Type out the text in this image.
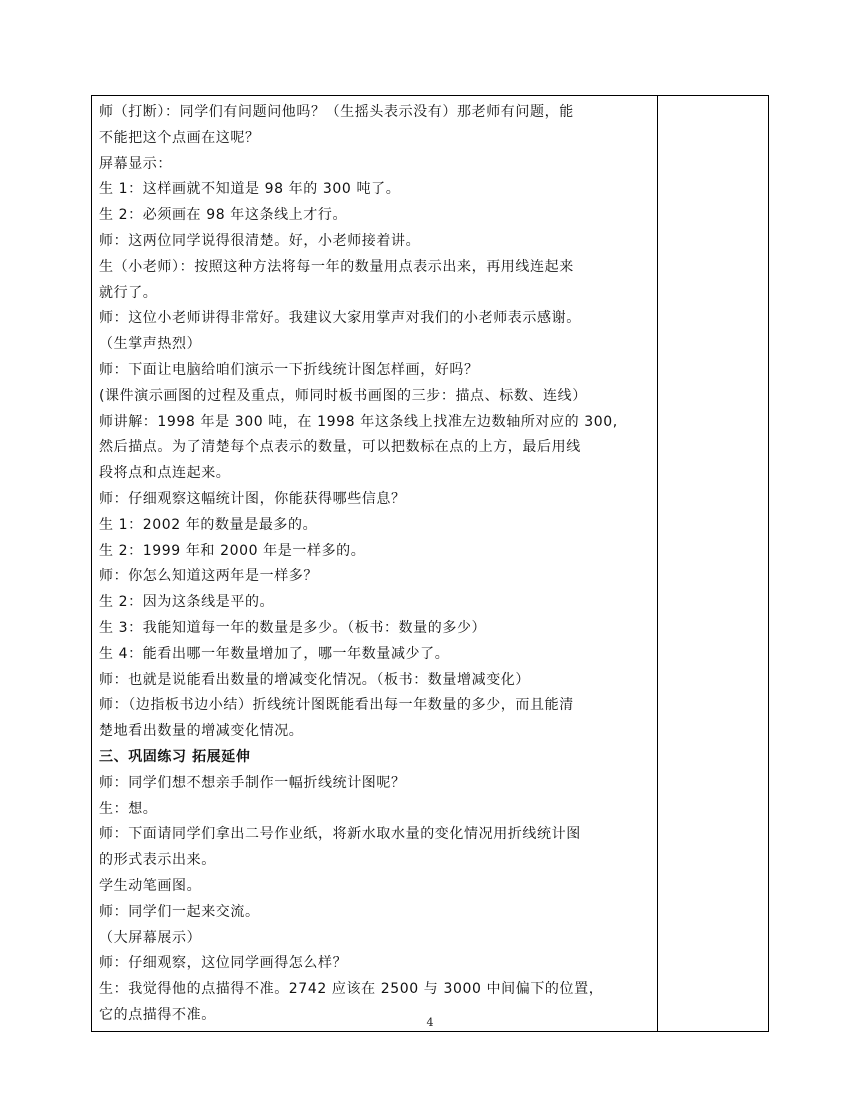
师（打断）：同学们有问题问他吗？（生摇头表示没有）那老师有问题，能
不能把这个点画在这呢？
屏幕显示：
生 1：这样画就不知道是 98 年的 300 吨了。
生 2：必须画在 98 年这条线上才行。
师：这两位同学说得很清楚。好，小老师接着讲。
生（小老师）：按照这种方法将每一年的数量用点表示出来，再用线连起来
就行了。
师：这位小老师讲得非常好。我建议大家用掌声对我们的小老师表示感谢。
（生掌声热烈）
师：下面让电脑给咱们演示一下折线统计图怎样画，好吗？
(课件演示画图的过程及重点，师同时板书画图的三步：描点、标数、连线）
师讲解：1998 年是 300 吨，在 1998 年这条线上找准左边数轴所对应的 300,
然后描点。为了清楚每个点表示的数量，可以把数标在点的上方，最后用线
段将点和点连起来。
师：仔细观察这幅统计图，你能获得哪些信息？
生 1：2002 年的数量是最多的。
生 2：1999 年和 2000 年是一样多的。
师：你怎么知道这两年是一样多？
生 2：因为这条线是平的。
生 3：我能知道每一年的数量是多少。（板书：数量的多少）
生 4：能看出哪一年数量增加了，哪一年数量减少了。
师：也就是说能看出数量的增减变化情况。（板书：数量增减变化）
师：（边指板书边小结）折线统计图既能看出每一年数量的多少，而且能清
楚地看出数量的增减变化情况。
三、巩固练习 拓展延伸
师：同学们想不想亲手制作一幅折线统计图呢？
生：想。
师：下面请同学们拿出二号作业纸，将新水取水量的变化情况用折线统计图
的形式表示出来。
学生动笔画图。
师：同学们一起来交流。
（大屏幕展示）
师：仔细观察，这位同学画得怎么样？
生：我觉得他的点描得不准。2742 应该在 2500 与 3000 中间偏下的位置，
它的点描得不准。
		4
